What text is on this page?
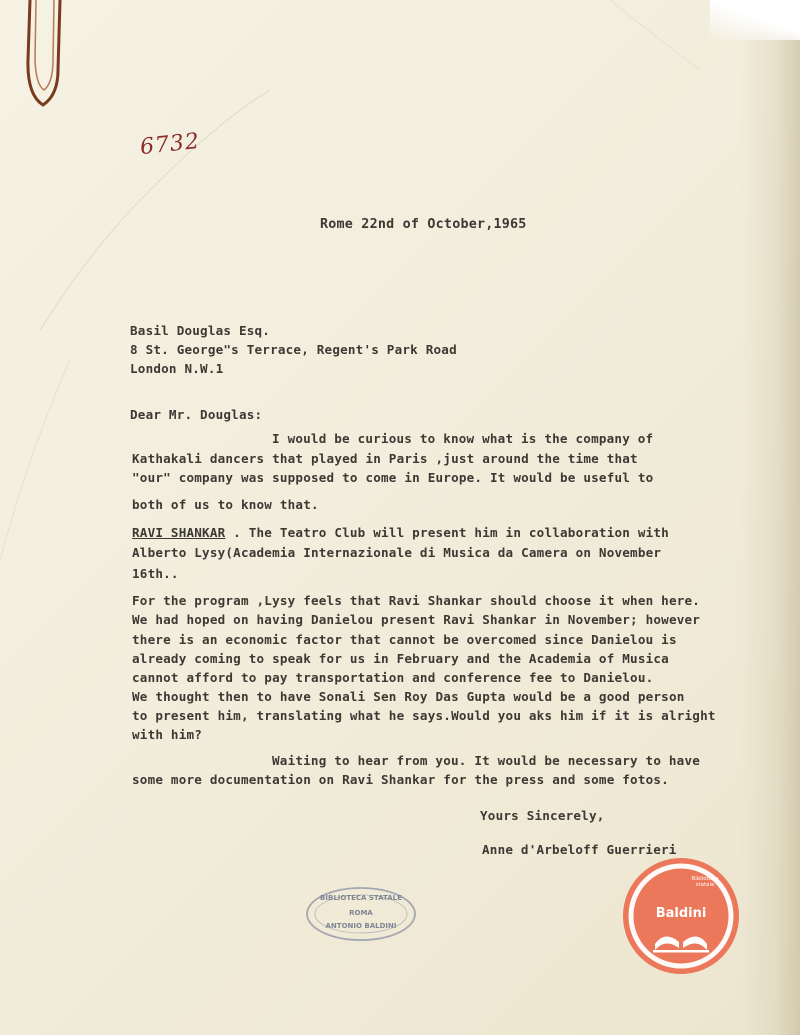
6732
Rome 22nd of October,1965
Basil Douglas Esq.
8 St. George"s Terrace, Regent's Park Road
London N.W.1
Dear Mr. Douglas:
I would be curious to know what is the company of
Kathakali dancers that played in Paris ,just around the time that
"our" company was supposed to come in Europe. It would be useful to
both of us to know that.
RAVI SHANKAR . The Teatro Club will present him in collaboration with
Alberto Lysy(Academia Internazionale di Musica da Camera on November
16th..
For the program ,Lysy feels that Ravi Shankar should choose it when here.
We had hoped on having Danielou present Ravi Shankar in November; however
there is an economic factor that cannot be overcomed since Danielou is
already coming to speak for us in February and the Academia of Musica
cannot afford to pay transportation and conference fee to Danielou.
We thought then to have Sonali Sen Roy Das Gupta would be a good person
to present him, translating what he says.Would you aks him if it is alright
with him?
Waiting to hear from you. It would be necessary to have
some more documentation on Ravi Shankar for the press and some fotos.
Yours Sincerely,
Anne d'Arbeloff Guerrieri
BIBLIOTECA STATALE
ROMA
ANTONIO BALDINI
Biblioteca statale
Baldini
